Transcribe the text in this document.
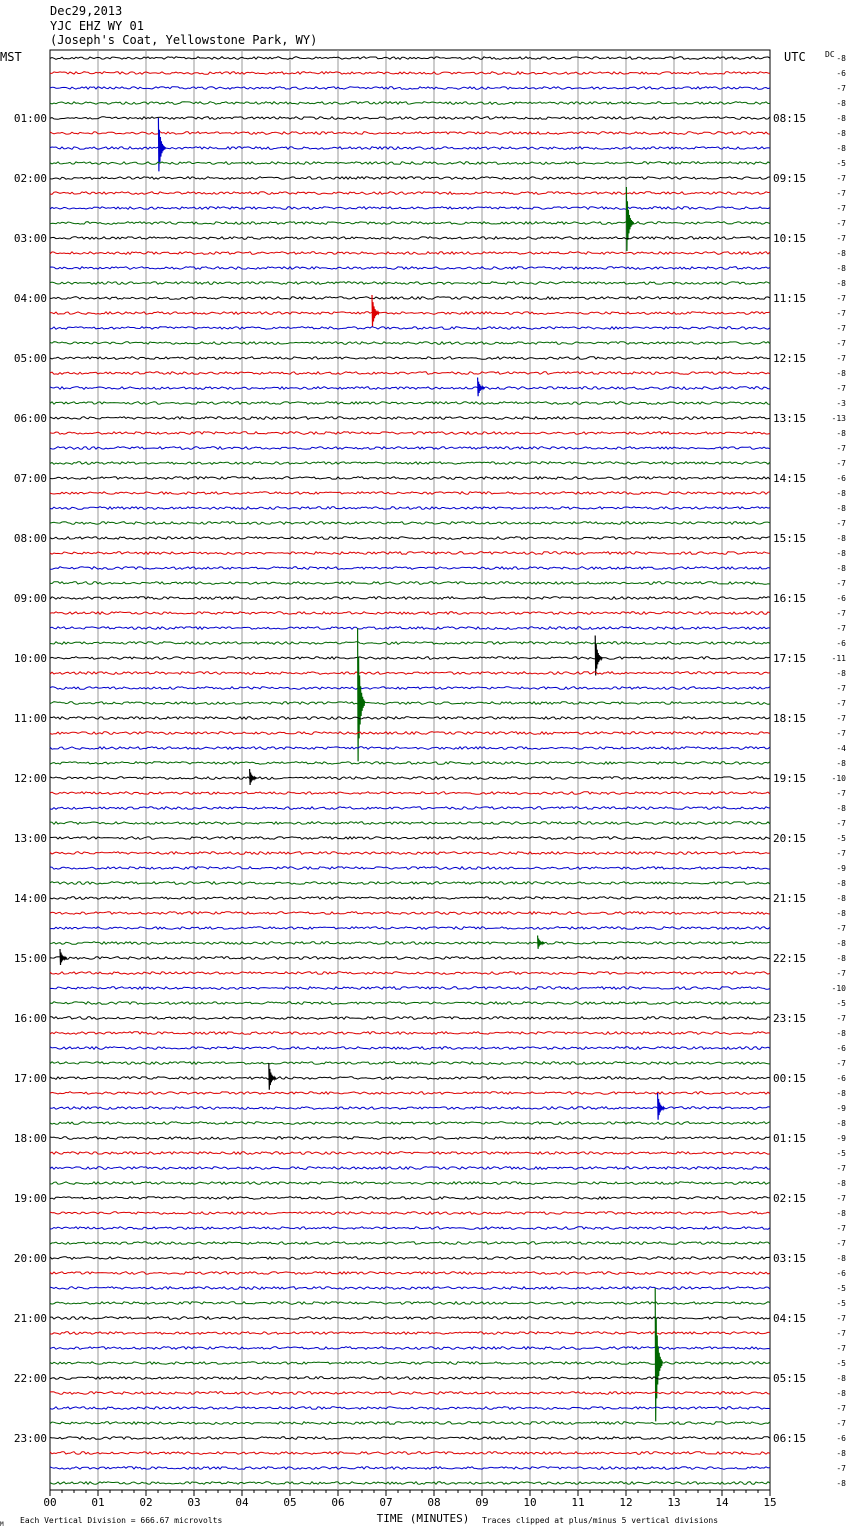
Dec29,2013
YJC EHZ WY 01
(Joseph's Coat, Yellowstone Park, WY)
MST	UTC DC
01:00	08:15
02:00	09:15
03:00	10:15
04:00	11:15
05:00	12:15
06:00	13:15
07:00	14:15
08:00	15:15
09:00	16:15
10:00	17:15
11:00	18:15
12:00	19:15
13:00	20:15
14:00	21:15
15:00	22:15
16:00	23:15
17:00	00:15
18:00	01:15
19:00	02:15
20:00	03:15
21:00	04:15
22:00	05:15
23:00	06:15
-8
-6
-7
-8
-8
-8
-8
-5
-7
-7
-7
-7
-7
-8
-8
-8
-7
-7
-7
-7
-7
-8
-7
-3
-13
-8
-7
-7
-6
-8
-8
-7
-8
-8
-8
-7
-6
-7
-7
-6
-11
-8
-7
-7
-7
-7
-4
-8
-10
-7
-8
-7
-5
-7
-9
-8
-8
-8
-7
-8
-8
-7
-10
-5
-7
-8
-6
-7
-6
-8
-9
-8
-9
-5
-7
-8
-7
-8
-7
-7
-8
-6
-5
-5
-7
-7
-7
-5
-8
-8
-7
-7
-6
-8
-7
-8
00	01	02	03	04	05	06	07	08	09	10	11	12	13	14	15
TIME (MINUTES)
Each Vertical Division = 666.67 microvolts	Traces clipped at plus/minus 5 vertical divisions
M
